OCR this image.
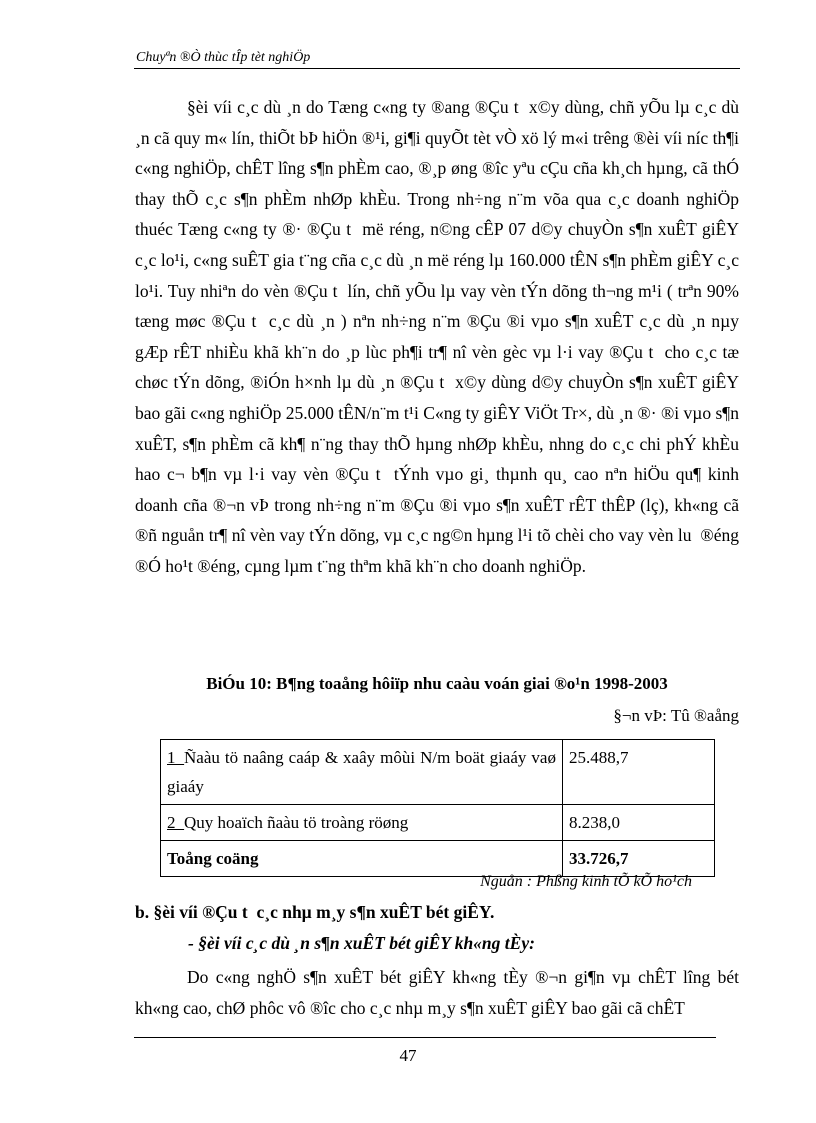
Chuyªn ®Ò thùc tÎp tèt nghiÖp

§èi víi c¸c dù ¸n do Tæng c«ng ty ®ang ®Çu t  x©y dùng, chñ yÕu lµ c¸c dù ¸n cã quy m« lín, thiÕt bÞ hiÖn ®¹i, gi¶i quyÕt tèt vÒ xö lý m«i trêng ®èi víi níc th¶i c«ng nghiÖp, chÊT lîng s¶n phÈm cao, ®¸p øng ®îc yªu cÇu cña kh¸ch hµng, cã thÓ thay thÕ c¸c s¶n phÈm nhØp khÈu. Trong nh÷ng n¨m võa qua c¸c doanh nghiÖp thuéc Tæng c«ng ty ®· ®Çu t  më réng, n©ng cÊP 07 d©y chuyÒn s¶n xuÊT giÊY c¸c lo¹i, c«ng suÊT gia t¨ng cña c¸c dù ¸n më réng lµ 160.000 tÊN s¶n phÈm giÊY c¸c lo¹i. Tuy nhiªn do vèn ®Çu t  lín, chñ yÕu lµ vay vèn tÝn dõng th¬ng m¹i ( trªn 90% tæng møc ®Çu t  c¸c dù ¸n ) nªn nh÷ng n¨m ®Çu ®i vµo s¶n xuÊT c¸c dù ¸n nµy gÆp rÊT nhiÈu khã kh¨n do ¸p lùc ph¶i tr¶ nî vèn gèc vµ l·i vay ®Çu t  cho c¸c tæ chøc tÝn dõng, ®iÓn h×nh lµ dù ¸n ®Çu t  x©y dùng d©y chuyÒn s¶n xuÊT giÊY bao gãi c«ng nghiÖp 25.000 tÊN/n¨m t¹i C«ng ty giÊY ViÖt Tr×, dù ¸n ®· ®i vµo s¶n xuÊT, s¶n phÈm cã kh¶ n¨ng thay thÕ hµng nhØp khÈu, nhng do c¸c chi phÝ khÈu hao c¬ b¶n vµ l·i vay vèn ®Çu t  tÝnh vµo gi¸ thµnh qu¸ cao nªn hiÖu qu¶ kinh doanh cña ®¬n vÞ trong nh÷ng n¨m ®Çu ®i vµo s¶n xuÊT rÊT thÊP (lç), kh«ng cã ®ñ nguån tr¶ nî vèn vay tÝn dõng, vµ c¸c ng©n hµng l¹i tõ chèi cho vay vèn lu  ®éng ®Ó ho¹t ®éng, cµng lµm t¨ng thªm khã kh¨n cho doanh nghiÖp.

BiÓu 10: B¶ng toaång hôiïp nhu caàu voán giai ®o¹n 1998-2003
§¬n vÞ: Tû ®aång
1_Ñaàu tö naâng caáp & xaây môùi N/m boät giaáy vaø giaáy	25.488,7
2_Quy hoaïch ñaàu tö troàng röøng	8.238,0
Toång coäng	33.726,7
Nguån : Phßng kinh tÕ kÕ ho¹ch
b. §èi víi ®Çu t  c¸c nhµ m¸y s¶n xuÊT bét giÊY.
- §èi víi c¸c dù ¸n s¶n xuÊT bét giÊY kh«ng tÈy:

Do c«ng nghÖ s¶n xuÊT bét giÊY kh«ng tÈy ®¬n gi¶n vµ chÊT lîng bét kh«ng cao, chØ phôc vô ®îc cho c¸c nhµ m¸y s¶n xuÊT giÊY bao gãi cã chÊT

47
